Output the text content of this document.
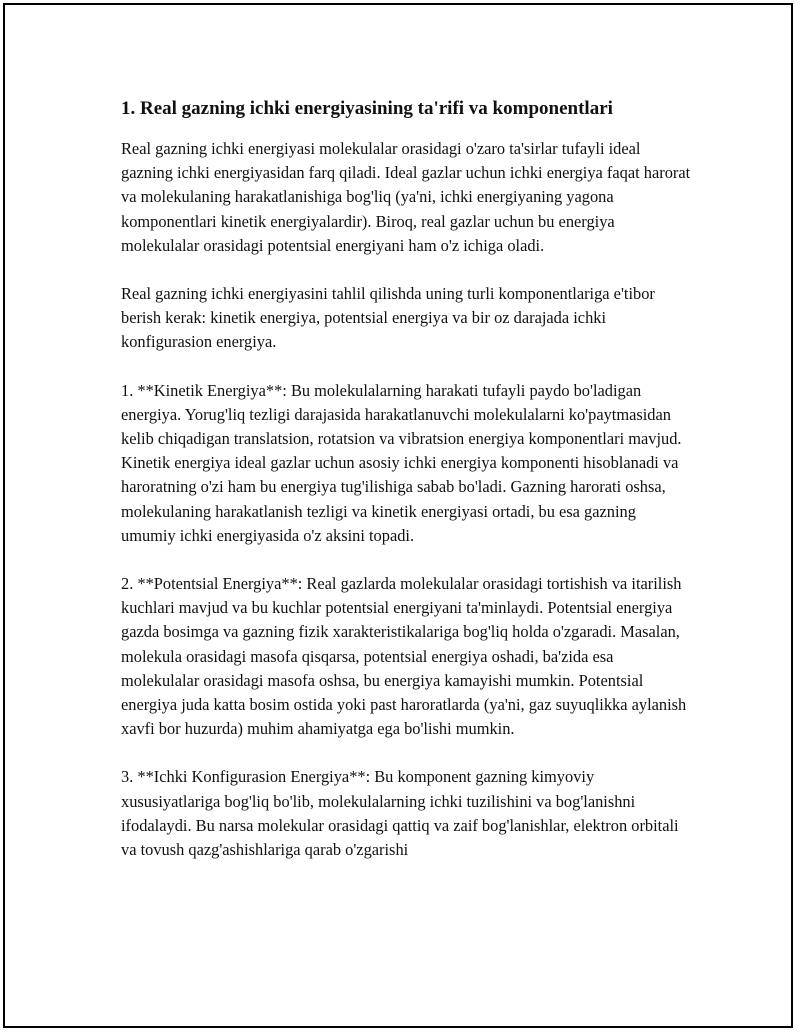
1. Real gazning ichki energiyasining ta'rifi va komponentlari

Real gazning ichki energiyasi molekulalar orasidagi o'zaro ta'sirlar tufayli ideal gazning ichki energiyasidan farq qiladi. Ideal gazlar uchun ichki energiya faqat harorat va molekulaning harakatlanishiga bog'liq (ya'ni, ichki energiyaning yagona komponentlari kinetik energiyalardir). Biroq, real gazlar uchun bu energiya molekulalar orasidagi potentsial energiyani ham o'z ichiga oladi.

Real gazning ichki energiyasini tahlil qilishda uning turli komponentlariga e'tibor berish kerak: kinetik energiya, potentsial energiya va bir oz darajada ichki konfigurasion energiya.

1. **Kinetik Energiya**: Bu molekulalarning harakati tufayli paydo bo'ladigan energiya. Yorug'liq tezligi darajasida harakatlanuvchi molekulalarni ko'paytmasidan kelib chiqadigan translatsion, rotatsion va vibratsion energiya komponentlari mavjud. Kinetik energiya ideal gazlar uchun asosiy ichki energiya komponenti hisoblanadi va haroratning o'zi ham bu energiya tug'ilishiga sabab bo'ladi. Gazning harorati oshsa, molekulaning harakatlanish tezligi va kinetik energiyasi ortadi, bu esa gazning umumiy ichki energiyasida o'z aksini topadi.

2. **Potentsial Energiya**: Real gazlarda molekulalar orasidagi tortishish va itarilish kuchlari mavjud va bu kuchlar potentsial energiyani ta'minlaydi. Potentsial energiya gazda bosimga va gazning fizik xarakteristikalariga bog'liq holda o'zgaradi. Masalan, molekula orasidagi masofa qisqarsa, potentsial energiya oshadi, ba'zida esa molekulalar orasidagi masofa oshsa, bu energiya kamayishi mumkin. Potentsial energiya juda katta bosim ostida yoki past haroratlarda (ya'ni, gaz suyuqlikka aylanish xavfi bor huzurda) muhim ahamiyatga ega bo'lishi mumkin.

3. **Ichki Konfigurasion Energiya**: Bu komponent gazning kimyoviy xususiyatlariga bog'liq bo'lib, molekulalarning ichki tuzilishini va bog'lanishni ifodalaydi. Bu narsa molekular orasidagi qattiq va zaif bog'lanishlar, elektron orbitali va tovush qazg'ashishlariga qarab o'zgarishi
